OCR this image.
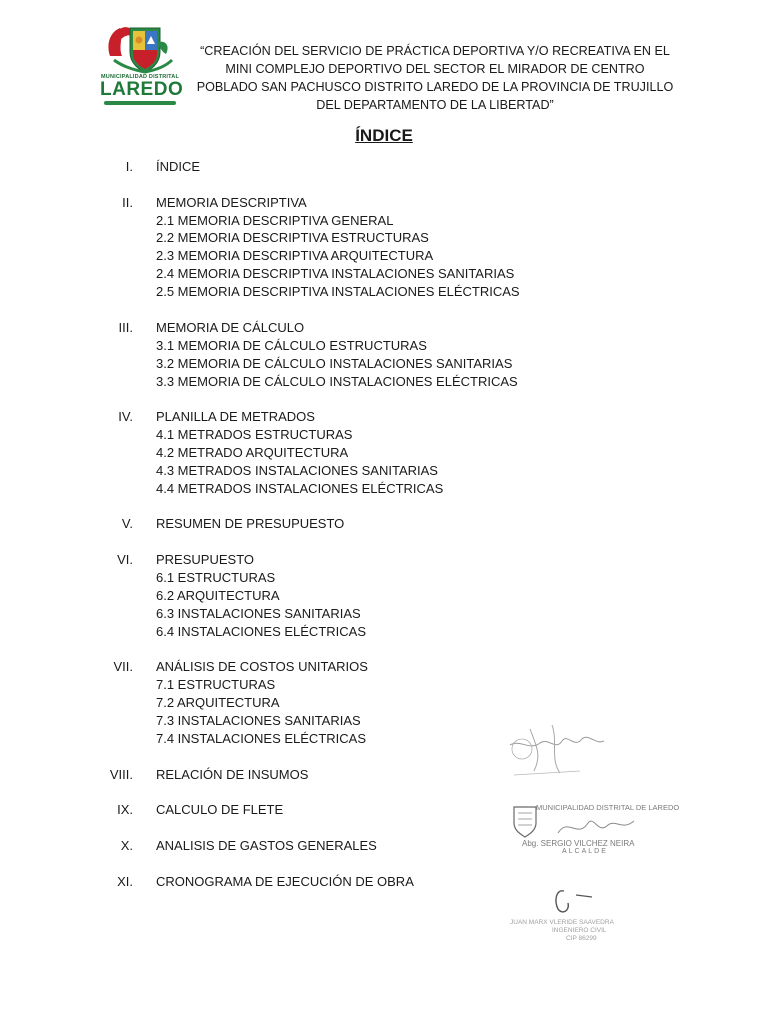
MUNICIPALIDAD DISTRITAL
LAREDO
“CREACIÓN DEL SERVICIO DE PRÁCTICA DEPORTIVA Y/O RECREATIVA EN EL MINI COMPLEJO DEPORTIVO DEL SECTOR EL MIRADOR DE CENTRO POBLADO SAN PACHUSCO DISTRITO LAREDO DE LA PROVINCIA DE TRUJILLO DEL DEPARTAMENTO DE LA LIBERTAD”
ÍNDICE
I. ÍNDICE
II. MEMORIA DESCRIPTIVA
2.1 MEMORIA DESCRIPTIVA GENERAL
2.2 MEMORIA DESCRIPTIVA ESTRUCTURAS
2.3 MEMORIA DESCRIPTIVA ARQUITECTURA
2.4 MEMORIA DESCRIPTIVA INSTALACIONES SANITARIAS
2.5 MEMORIA DESCRIPTIVA INSTALACIONES ELÉCTRICAS
III. MEMORIA DE CÁLCULO
3.1 MEMORIA DE CÁLCULO ESTRUCTURAS
3.2 MEMORIA DE CÁLCULO INSTALACIONES SANITARIAS
3.3 MEMORIA DE CÁLCULO INSTALACIONES ELÉCTRICAS
IV. PLANILLA DE METRADOS
4.1 METRADOS ESTRUCTURAS
4.2 METRADO ARQUITECTURA
4.3 METRADOS INSTALACIONES SANITARIAS
4.4 METRADOS INSTALACIONES ELÉCTRICAS
V. RESUMEN DE PRESUPUESTO
VI. PRESUPUESTO
6.1 ESTRUCTURAS
6.2 ARQUITECTURA
6.3 INSTALACIONES SANITARIAS
6.4 INSTALACIONES ELÉCTRICAS
VII. ANÁLISIS DE COSTOS UNITARIOS
7.1 ESTRUCTURAS
7.2 ARQUITECTURA
7.3 INSTALACIONES SANITARIAS
7.4 INSTALACIONES ELÉCTRICAS
VIII. RELACIÓN DE INSUMOS
IX. CALCULO DE FLETE
X. ANALISIS DE GASTOS GENERALES
XI. CRONOGRAMA DE EJECUCIÓN DE OBRA
MUNICIPALIDAD DISTRITAL DE LAREDO
Abg. SERGIO VILCHEZ NEIRA
ALCALDE
JUAN MARX VLERIDE SAAVEDRA
INGENIERO CIVIL
CIP 86299
